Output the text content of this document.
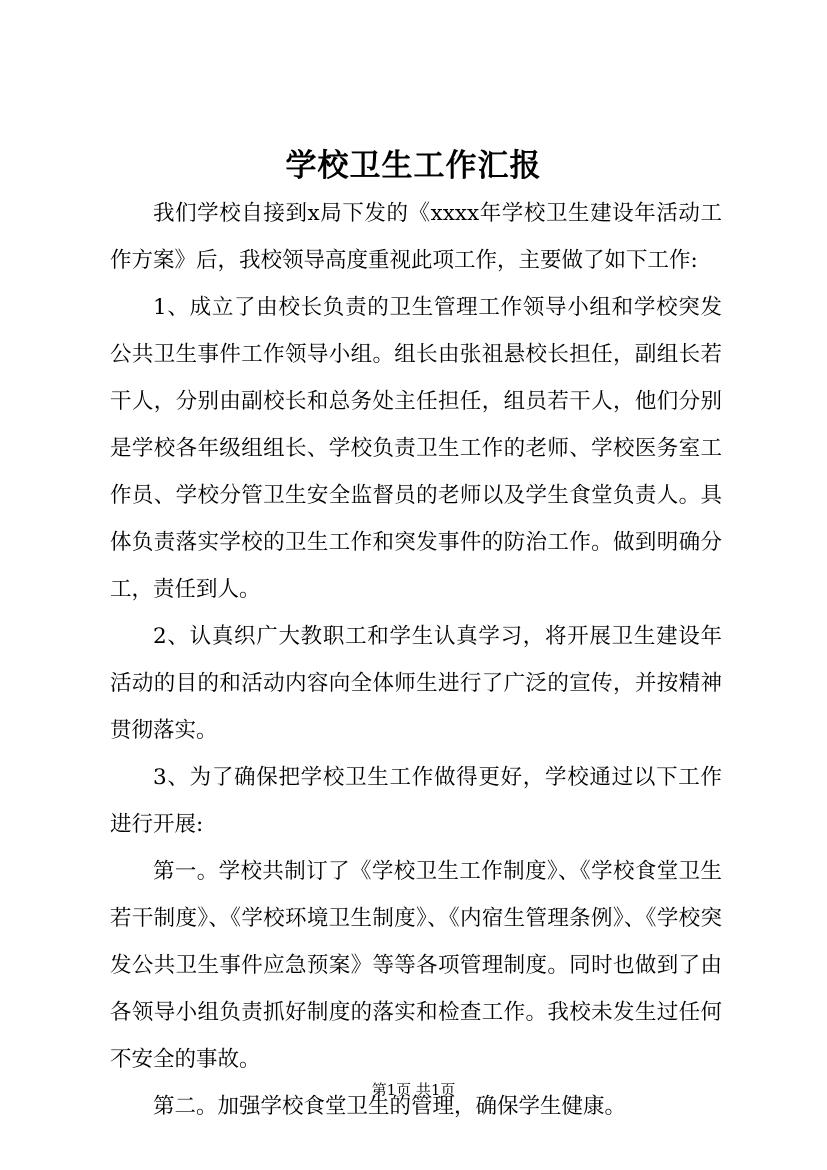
学校卫生工作汇报

我们学校自接到x局下发的《xxxx年学校卫生建设年活动工作方案》后，我校领导高度重视此项工作，主要做了如下工作:

1、成立了由校长负责的卫生管理工作领导小组和学校突发公共卫生事件工作领导小组。组长由张祖悬校长担任，副组长若干人，分别由副校长和总务处主任担任，组员若干人，他们分别是学校各年级组组长、学校负责卫生工作的老师、学校医务室工作员、学校分管卫生安全监督员的老师以及学生食堂负责人。具体负责落实学校的卫生工作和突发事件的防治工作。做到明确分工，责任到人。

2、认真织广大教职工和学生认真学习，将开展卫生建设年活动的目的和活动内容向全体师生进行了广泛的宣传，并按精神贯彻落实。

3、为了确保把学校卫生工作做得更好，学校通过以下工作进行开展:

第一。学校共制订了《学校卫生工作制度》、《学校食堂卫生若干制度》、《学校环境卫生制度》、《内宿生管理条例》、《学校突发公共卫生事件应急预案》等等各项管理制度。同时也做到了由各领导小组负责抓好制度的落实和检查工作。我校未发生过任何不安全的事故。

第二。加强学校食堂卫生的管理，确保学生健康。

第1页 共1页
